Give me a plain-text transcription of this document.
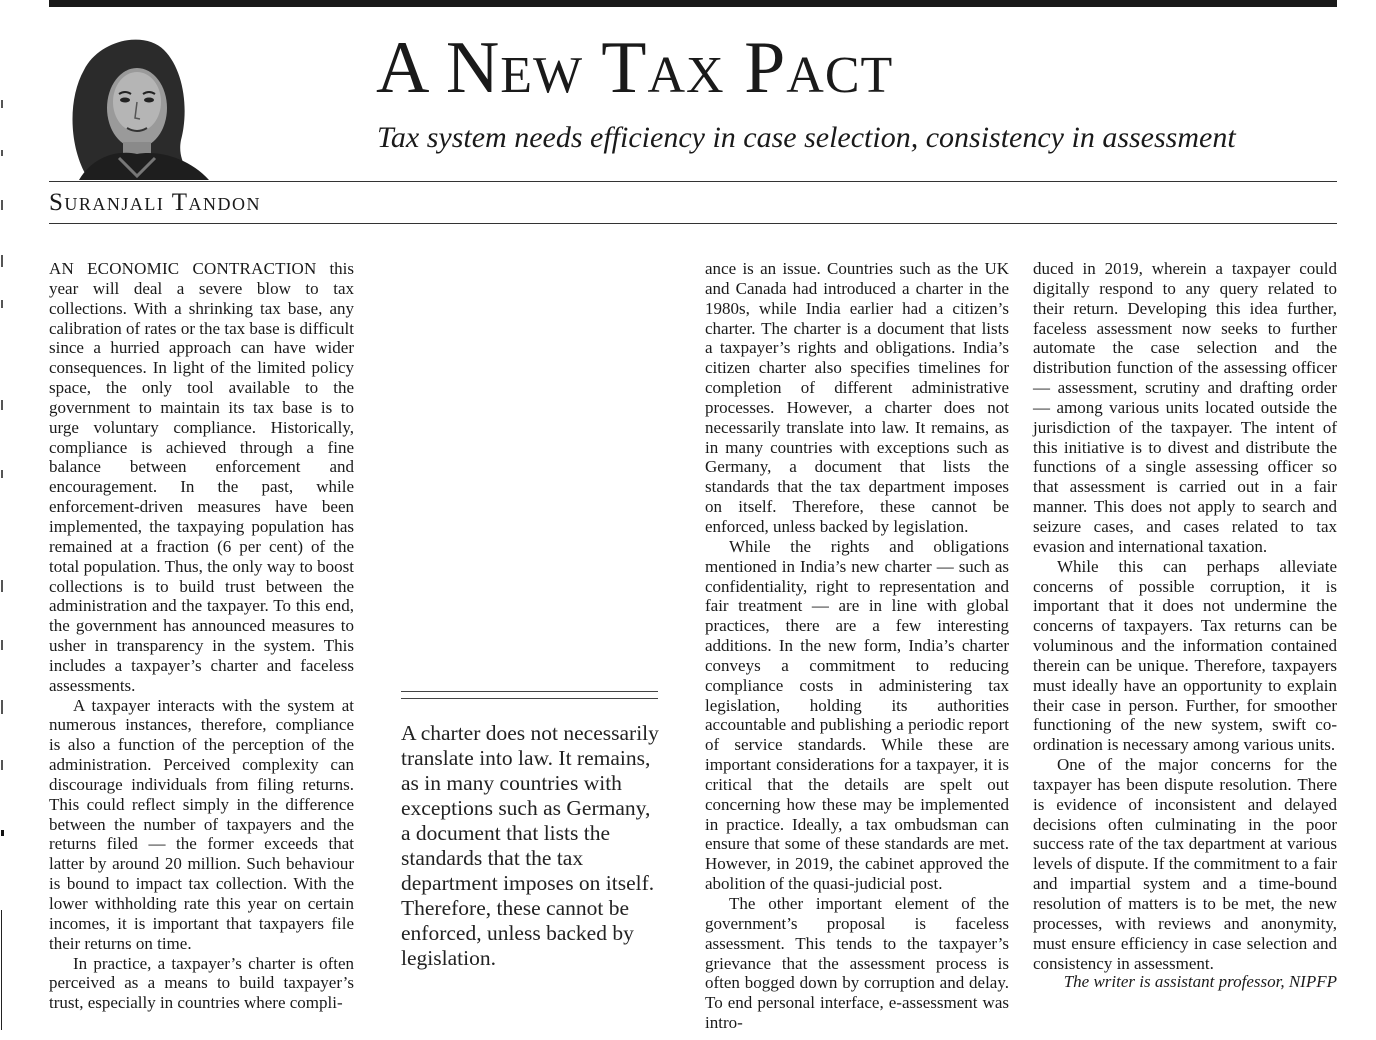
A New Tax Pact
Tax system needs efficiency in case selection, consistency in assessment
Suranjali Tandon

AN ECONOMIC CONTRACTION this year will deal a severe blow to tax collections. With a shrinking tax base, any calibration of rates or the tax base is difficult since a hurried approach can have wider consequences. In light of the limited policy space, the only tool available to the government to maintain its tax base is to urge voluntary compliance. Historically, compliance is achieved through a fine balance between enforcement and encouragement. In the past, while enforcement-driven measures have been implemented, the taxpaying population has remained at a fraction (6 per cent) of the total population. Thus, the only way to boost collections is to build trust between the administration and the taxpayer. To this end, the government has announced measures to usher in transparency in the system. This includes a taxpayer’s charter and faceless assessments.

A taxpayer interacts with the system at numerous instances, therefore, compliance is also a function of the perception of the administration. Perceived complexity can discourage individuals from filing returns. This could reflect simply in the difference between the number of taxpayers and the returns filed — the former exceeds that latter by around 20 million. Such behaviour is bound to impact tax collection. With the lower withholding rate this year on certain incomes, it is important that taxpayers file their returns on time.

In practice, a taxpayer’s charter is often perceived as a means to build taxpayer’s trust, especially in countries where compli-

A charter does not necessarily translate into law. It remains, as in many countries with exceptions such as Germany, a document that lists the standards that the tax department imposes on itself. Therefore, these cannot be enforced, unless backed by legislation.

ance is an issue. Countries such as the UK and Canada had introduced a charter in the 1980s, while India earlier had a citizen’s charter. The charter is a document that lists a taxpayer’s rights and obligations. India’s citizen charter also specifies timelines for completion of different administrative processes. However, a charter does not necessarily translate into law. It remains, as in many countries with exceptions such as Germany, a document that lists the standards that the tax department imposes on itself. Therefore, these cannot be enforced, unless backed by legislation.

While the rights and obligations mentioned in India’s new charter — such as confidentiality, right to representation and fair treatment — are in line with global practices, there are a few interesting additions. In the new form, India’s charter conveys a commitment to reducing compliance costs in administering tax legislation, holding its authorities accountable and publishing a periodic report of service standards. While these are important considerations for a taxpayer, it is critical that the details are spelt out concerning how these may be implemented in practice. Ideally, a tax ombudsman can ensure that some of these standards are met. However, in 2019, the cabinet approved the abolition of the quasi-judicial post.

The other important element of the government’s proposal is faceless assessment. This tends to the taxpayer’s grievance that the assessment process is often bogged down by corruption and delay. To end personal interface, e-assessment was intro-

duced in 2019, wherein a taxpayer could digitally respond to any query related to their return. Developing this idea further, faceless assessment now seeks to further automate the case selection and the distribution function of the assessing officer — assessment, scrutiny and drafting order — among various units located outside the jurisdiction of the taxpayer. The intent of this initiative is to divest and distribute the functions of a single assessing officer so that assessment is carried out in a fair manner. This does not apply to search and seizure cases, and cases related to tax evasion and international taxation.

While this can perhaps alleviate concerns of possible corruption, it is important that it does not undermine the concerns of taxpayers. Tax returns can be voluminous and the information contained therein can be unique. Therefore, taxpayers must ideally have an opportunity to explain their case in person. Further, for smoother functioning of the new system, swift co-ordination is necessary among various units.

One of the major concerns for the taxpayer has been dispute resolution. There is evidence of inconsistent and delayed decisions often culminating in the poor success rate of the tax department at various levels of dispute. If the commitment to a fair and impartial system and a time-bound resolution of matters is to be met, the new processes, with reviews and anonymity, must ensure efficiency in case selection and consistency in assessment.

The writer is assistant professor, NIPFP
